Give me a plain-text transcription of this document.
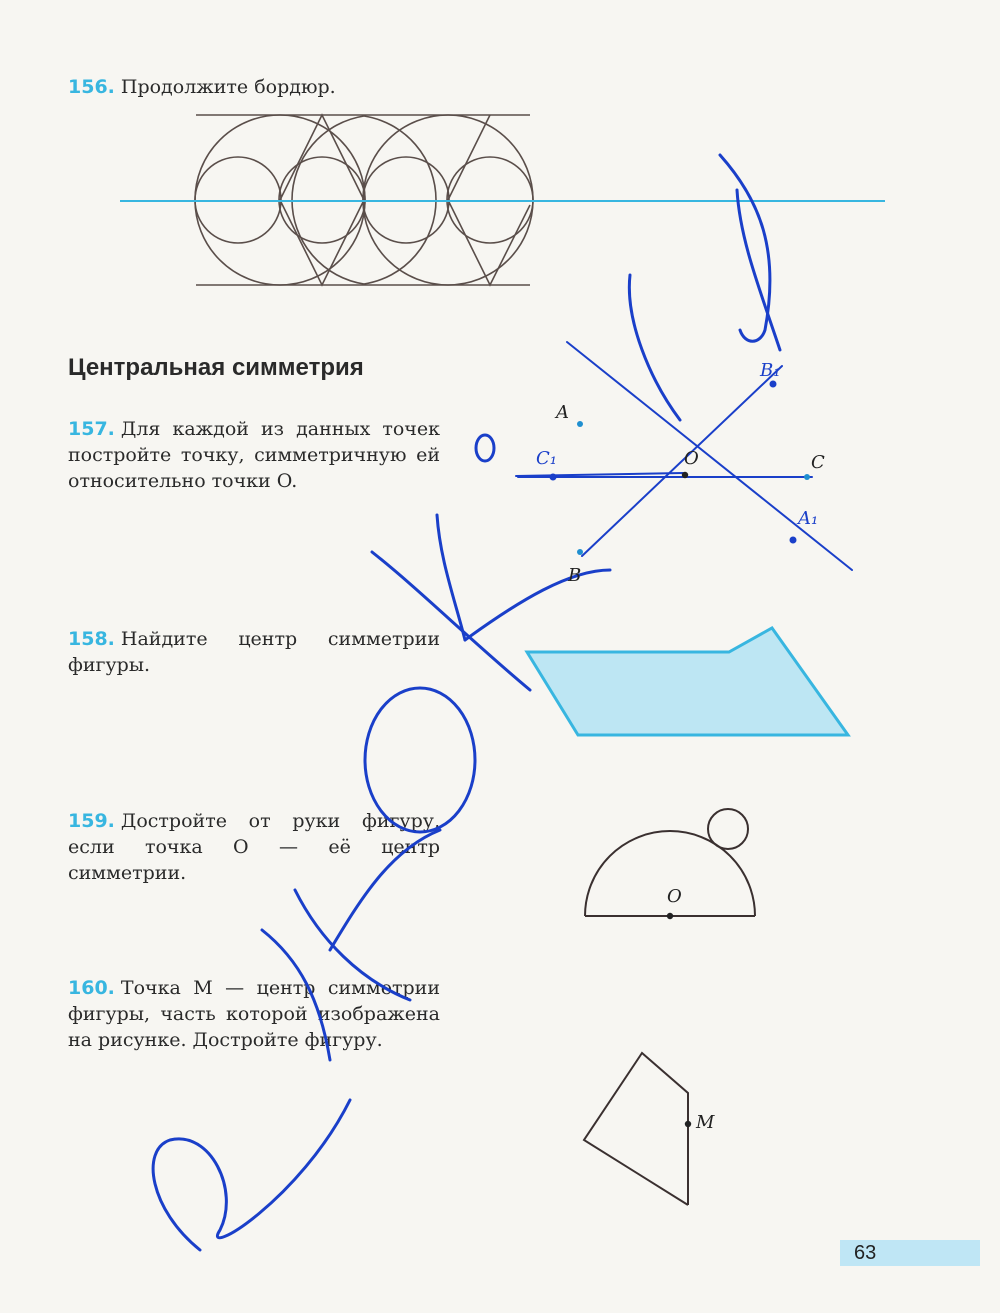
156. Продолжите бордюр.
Центральная симметрия
157. Для каждой из данных точек постройте точку, симметричную ей относительно точки O.
158. Найдите центр симметрии фигуры.
159. Достройте от руки фигуру, если точка O — её центр симметрии.
160. Точка M — центр симметрии фигуры, часть которой изображена на рисунке. Достройте фигуру.
A
B
C
O
A₁
B₁
C₁
O
M
63
